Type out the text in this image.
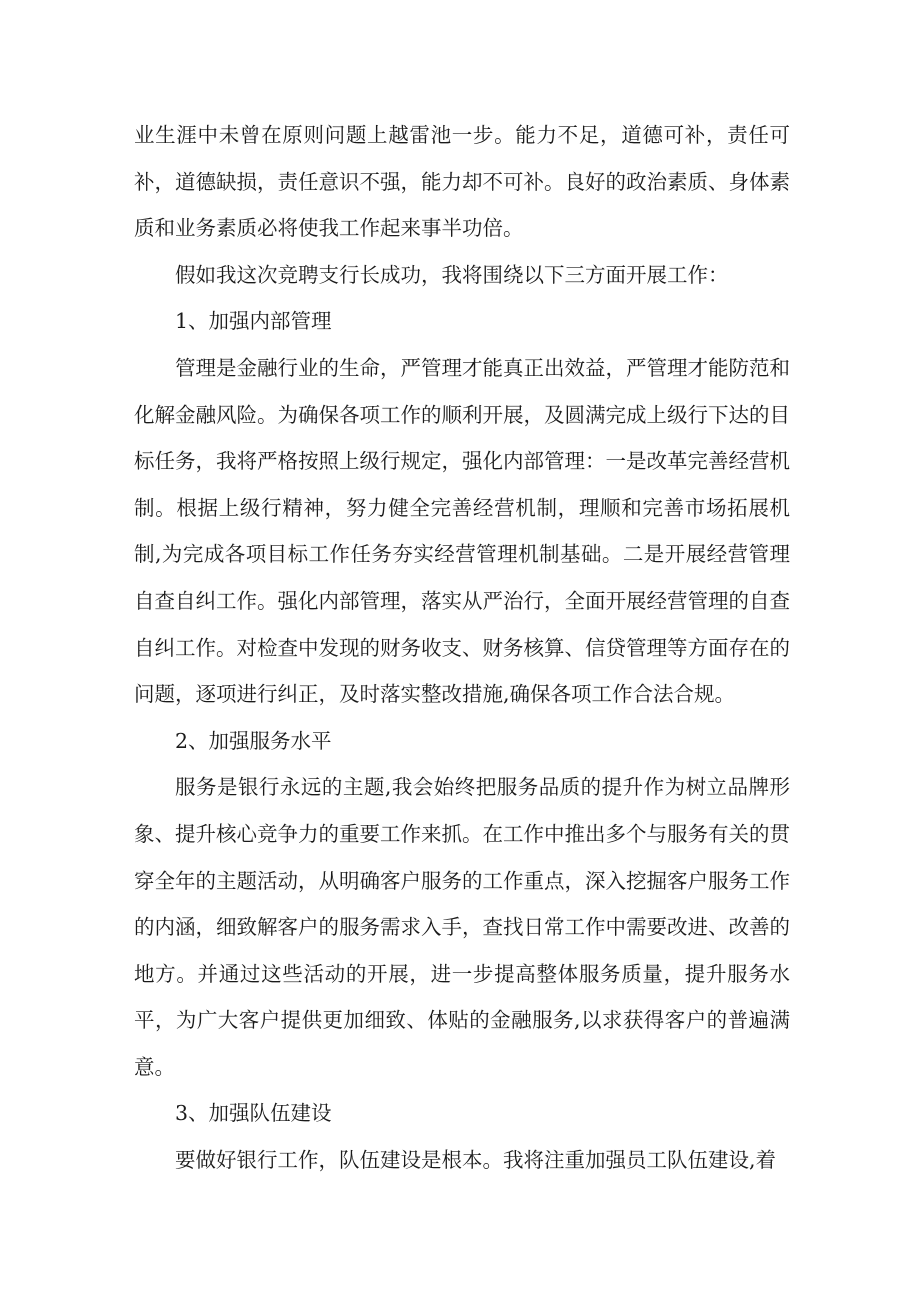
业生涯中未曾在原则问题上越雷池一步。能力不足，道德可补，责任可补，道德缺损，责任意识不强，能力却不可补。良好的政治素质、身体素质和业务素质必将使我工作起来事半功倍。

假如我这次竞聘支行长成功，我将围绕以下三方面开展工作：

1、加强内部管理

管理是金融行业的生命，严管理才能真正出效益，严管理才能防范和化解金融风险。为确保各项工作的顺利开展，及圆满完成上级行下达的目标任务，我将严格按照上级行规定，强化内部管理：一是改革完善经营机制。根据上级行精神，努力健全完善经营机制，理顺和完善市场拓展机制,为完成各项目标工作任务夯实经营管理机制基础。二是开展经营管理自查自纠工作。强化内部管理，落实从严治行，全面开展经营管理的自查自纠工作。对检查中发现的财务收支、财务核算、信贷管理等方面存在的问题，逐项进行纠正，及时落实整改措施,确保各项工作合法合规。

2、加强服务水平

服务是银行永远的主题,我会始终把服务品质的提升作为树立品牌形象、提升核心竞争力的重要工作来抓。在工作中推出多个与服务有关的贯穿全年的主题活动，从明确客户服务的工作重点，深入挖掘客户服务工作的内涵，细致解客户的服务需求入手，查找日常工作中需要改进、改善的地方。并通过这些活动的开展，进一步提高整体服务质量，提升服务水平，为广大客户提供更加细致、体贴的金融服务,以求获得客户的普遍满意。

3、加强队伍建设

要做好银行工作，队伍建设是根本。我将注重加强员工队伍建设,着
